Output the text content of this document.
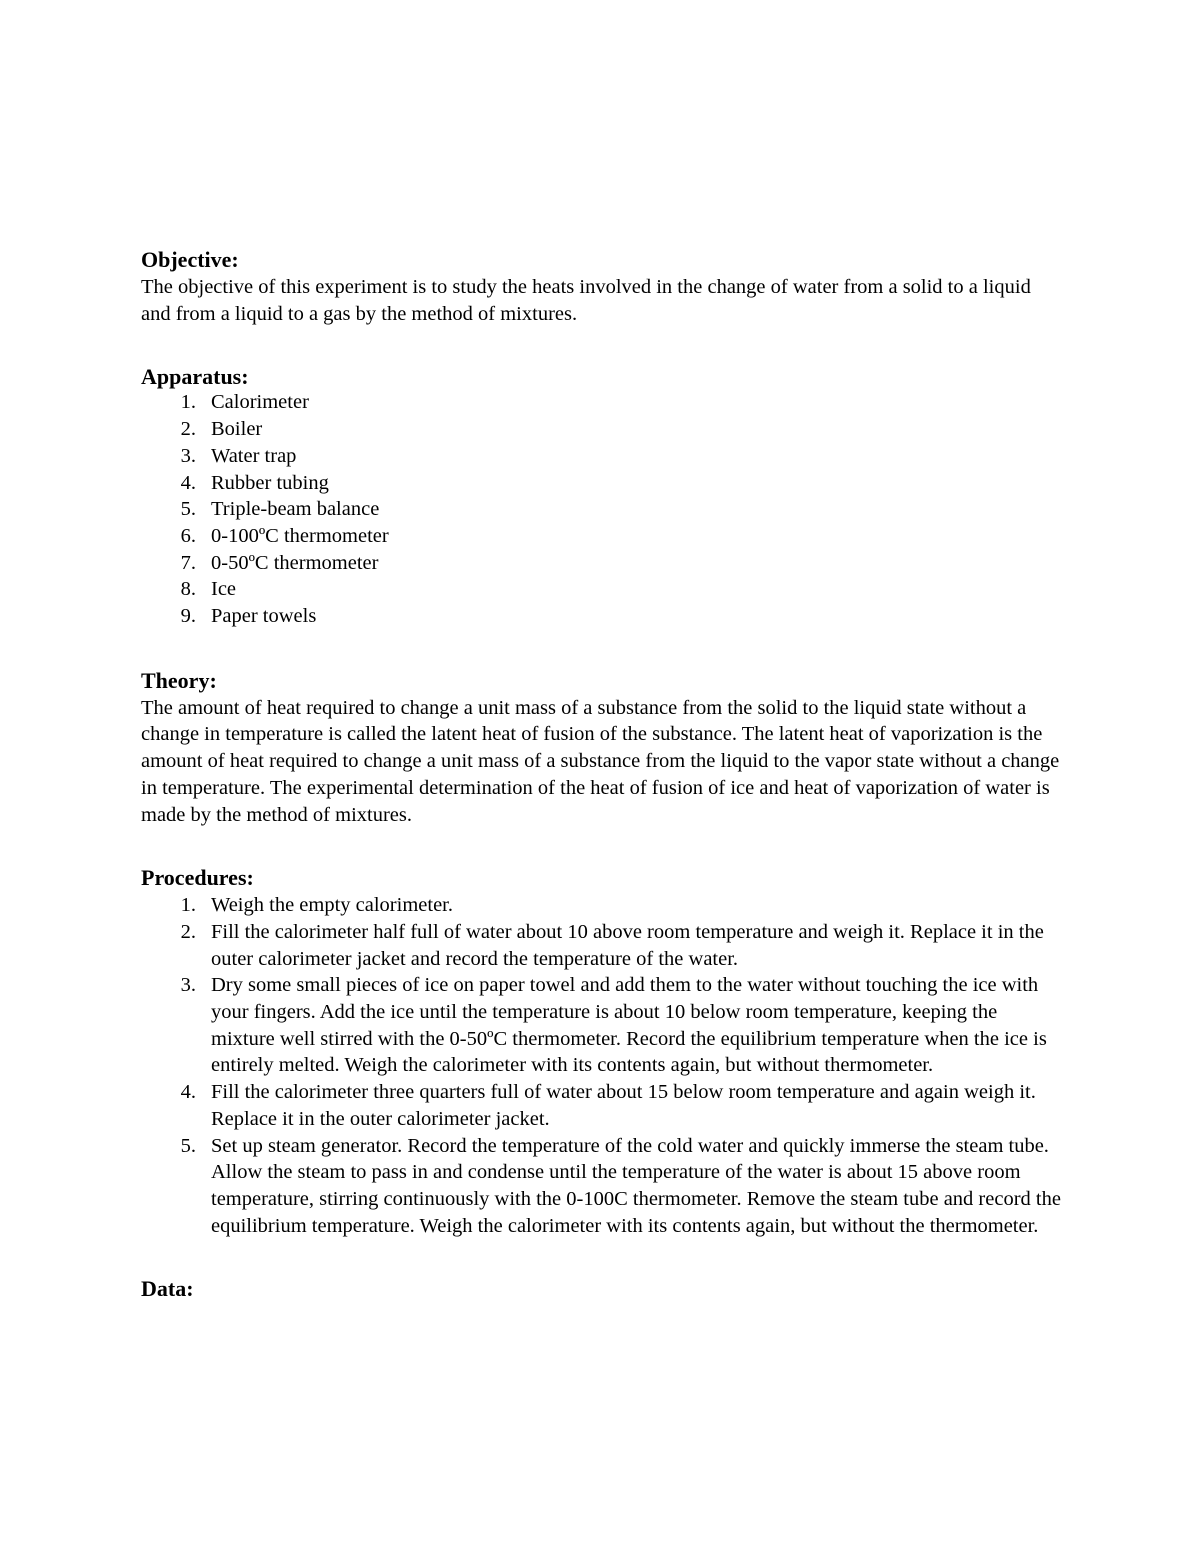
Objective:

The objective of this experiment is to study the heats involved in the change of water from a solid to a liquid and from a liquid to a gas by the method of mixtures.

Apparatus:

1 . Calorimeter
2 . Boiler
3 . Water trap
4 . Rubber tubing
5 . Triple-beam balance
6 . 0-100ºC thermometer
7 . 0-50ºC thermometer
8 . Ice
9 . Paper towels

Theory:

The amount of heat required to change a unit mass of a substance from the solid to the liquid state without a change in temperature is called the latent heat of fusion of the substance. The latent heat of vaporization is the amount of heat required to change a unit mass of a substance from the liquid to the vapor state without a change in temperature. The experimental determination of the heat of fusion of ice and heat of vaporization of water is made by the method of mixtures.

Procedures:

1 . Weigh the empty calorimeter.
2 . Fill the calorimeter half full of water about 10 above room temperature and weigh it. Replace it in the outer calorimeter jacket and record the temperature of the water.
3 . Dry some small pieces of ice on paper towel and add them to the water without touching the ice with your fingers. Add the ice until the temperature is about 10 below room temperature, keeping the mixture well stirred with the 0-50ºC thermometer. Record the equilibrium temperature when the ice is entirely melted. Weigh the calorimeter with its contents again, but without thermometer.
4 . Fill the calorimeter three quarters full of water about 15 below room temperature and again weigh it. Replace it in the outer calorimeter jacket.
5 . Set up steam generator. Record the temperature of the cold water and quickly immerse the steam tube. Allow the steam to pass in and condense until the temperature of the water is about 15 above room temperature, stirring continuously with the 0-100C thermometer. Remove the steam tube and record the equilibrium temperature. Weigh the calorimeter with its contents again, but without the thermometer.

Data:
